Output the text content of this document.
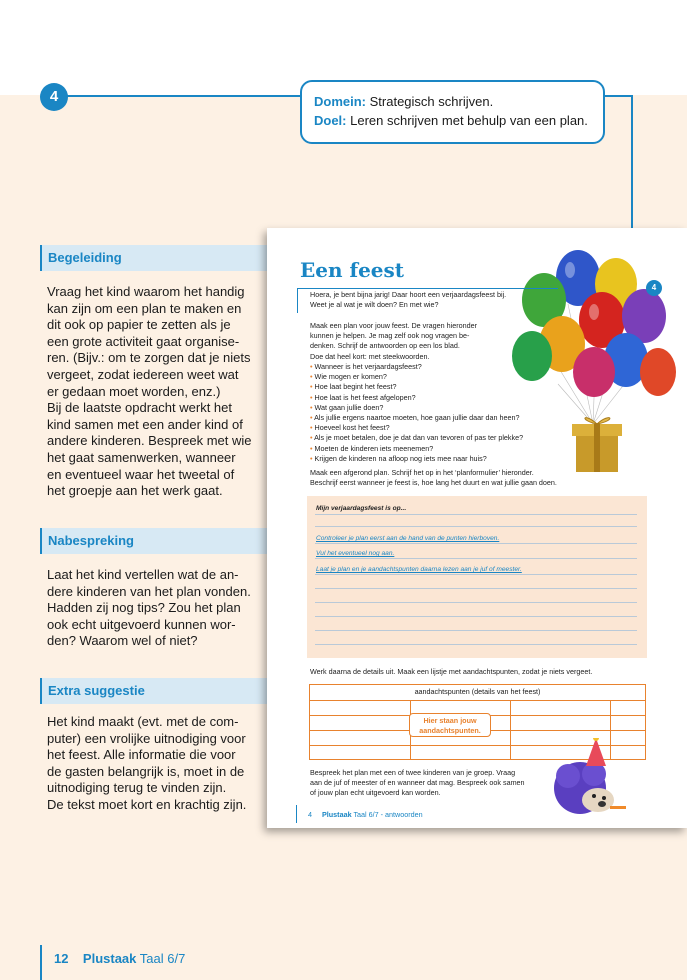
4	Domein: Strategisch schrijven.
Doel: Leren schrijven met behulp van een plan.
Begeleiding
Vraag het kind waarom het handig
kan zijn om een plan te maken en
dit ook op papier te zetten als je
een grote activiteit gaat organise-
ren. (Bijv.: om te zorgen dat je niets
vergeet, zodat iedereen weet wat
er gedaan moet worden, enz.)
Bij de laatste opdracht werkt het
kind samen met een ander kind of
andere kinderen. Bespreek met wie
het gaat samenwerken, wanneer
en eventueel waar het tweetal of
het groepje aan het werk gaat.
Nabespreking
Laat het kind vertellen wat de an-
dere kinderen van het plan vonden.
Hadden zij nog tips? Zou het plan
ook echt uitgevoerd kunnen wor-
den? Waarom wel of niet?
Extra suggestie
Het kind maakt (evt. met de com-
puter) een vrolijke uitnodiging voor
het feest. Alle informatie die voor
de gasten belangrijk is, moet in de
uitnodiging terug te vinden zijn.
De tekst moet kort en krachtig zijn.
Een feest
4
Hoera, je bent bijna jarig! Daar hoort een verjaardagsfeest bij.
Weet je al wat je wilt doen? En met wie?
Maak een plan voor jouw feest. De vragen hieronder
kunnen je helpen. Je mag zelf ook nog vragen be-
denken. Schrijf de antwoorden op een los blad.
Doe dat heel kort: met steekwoorden.
• Wanneer is het verjaardagsfeest?
• Wie mogen er komen?
• Hoe laat begint het feest?
• Hoe laat is het feest afgelopen?
• Wat gaan jullie doen?
• Als jullie ergens naartoe moeten, hoe gaan jullie daar dan heen?
• Hoeveel kost het feest?
• Als je moet betalen, doe je dat dan van tevoren of pas ter plekke?
• Moeten de kinderen iets meenemen?
• Krijgen de kinderen na afloop nog iets mee naar huis?
Maak een afgerond plan. Schrijf het op in het ‘planformulier’ hieronder.
Beschrijf eerst wanneer je feest is, hoe lang het duurt en wat jullie gaan doen.
Mijn verjaardagsfeest is op...
Controleer je plan eerst aan de hand van de punten hierboven.
Vul het eventueel nog aan.
Laat je plan en je aandachtspunten daarna lezen aan je juf of meester.
Werk daarna de details uit. Maak een lijstje met aandachtspunten, zodat je niets vergeet.
aandachtspunten (details van het feest)
Hier staan jouw
aandachtspunten.
Bespreek het plan met een of twee kinderen van je groep. Vraag
aan de juf of meester of en wanneer dat mag. Bespreek ook samen
of jouw plan echt uitgevoerd kan worden.
4 Plustaak Taal 6/7 - antwoorden
12 Plustaak Taal 6/7
